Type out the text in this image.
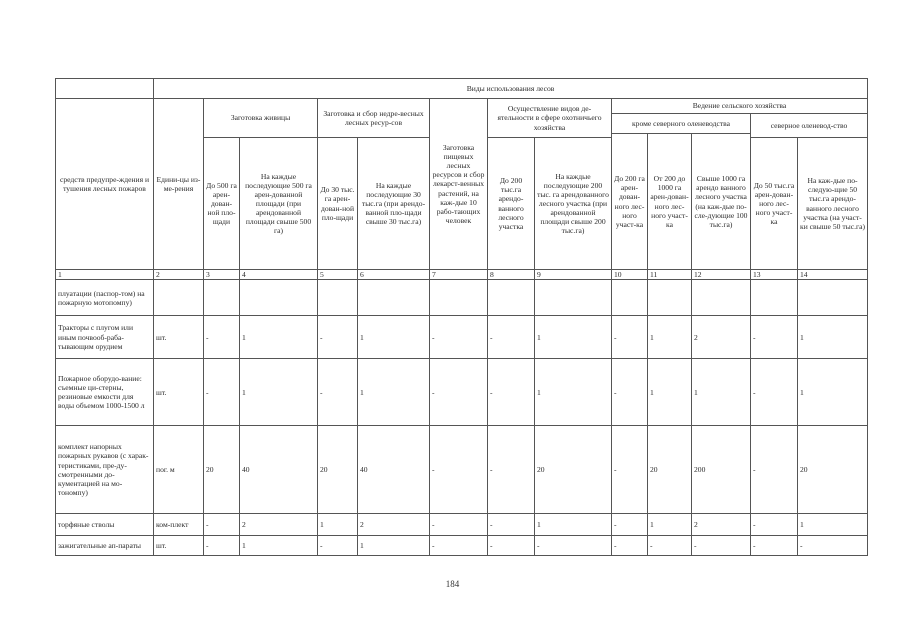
	Виды использования лесов												
средств предупре-ждения и тушения лесных пожаров	Едини-цы из-ме-рения	Заготовка живицы		Заготовка и сбор недре-весных лесных ресур-сов		Заготовка пищевых лесных ресурсов и сбор лекарст-венных растений, на каж-дые 10 рабо-тающих человек	Осуществление видов де-ятельности в сфере охотничьего хозяйства		Ведение сельского хозяйства				
									кроме северного оленеводства			северное оленевод-ство	
									До 200 га арен-дован-ного лес-ного участ-ка	От 200 до 1000 га арен-дован-ного лес-ного участ-ка	Свыше 1000 га арендо ванного лесного участка (на каж-дые по-сле-дующие 100 тыс.га)		
		До 500 га арен-дован-ной пло-щади	На каждые последующие 500 га арен-дованной площади (при арендованной площади свыше 500 га)	До 30 тыс. га арен-дован-ной пло-щади	На каждые последующие 30 тыс.га (при арендо-ванной пло-щади свыше 30 тыс.га)		До 200 тыс.га арендо-ванного лесного участка	На каждые последующие 200 тыс. га арендованного лесного участка (при арендованной площади свыше 200 тыс.га)				До 50 тыс.га арен-дован-ного лес-ного участ-ка	На каж-дые по-следую-щие 50 тыс.га арендо-ванного лесного участка (на участ-ки свыше 50 тыс.га)
1	2	3	4	5	6	7	8	9	10	11	12	13	14
плуатации (паспор-том) на пожарную мотопомпу)													
Тракторы с плугом или иным почвооб-раба-тывающим орудием	шт.	-	1	-	1	-	-	1	-	1	2	-	1
Пожарное оборудо-вание: съемные ци-стерны, резиновые емкости для воды объемом 1000-1500 л	шт.	-	1	-	1	-	-	1	-	1	1	-	1
комплект напорных пожарных рукавов (с харак-теристиками, пре-ду-смотренными до-кументацией на мо-тономпу)	пог. м	20	40	20	40	-	-	20	-	20	200	-	20
торфяные стволы	ком-плект	-	2	1	2	-	-	1	-	1	2	-	1
зажигательные ап-параты	шт.	-	1	-	1	-	-	-	-	-	-	-	-
184
